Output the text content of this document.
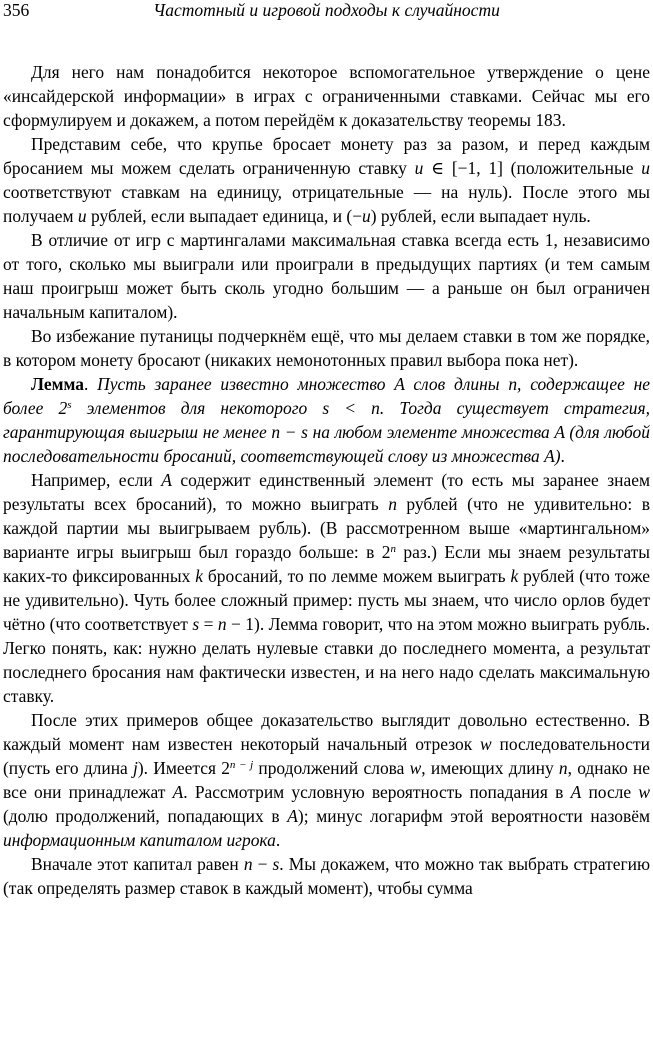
356	Частотный и игровой подходы к случайности

Для него нам понадобится некоторое вспомогательное утверждение о цене «инсайдерской информации» в играх с ограниченными ставками. Сейчас мы его сформулируем и докажем, а потом перейдём к доказательству теоремы 183.

Представим себе, что крупье бросает монету раз за разом, и перед каждым бросанием мы можем сделать ограниченную ставку u ∈ [−1, 1] (положительные u соответствуют ставкам на единицу, отрицательные — на нуль). После этого мы получаем u рублей, если выпадает единица, и (−u) рублей, если выпадает нуль.

В отличие от игр с мартингалами максимальная ставка всегда есть 1, независимо от того, сколько мы выиграли или проиграли в предыдущих партиях (и тем самым наш проигрыш может быть сколь угодно большим — а раньше он был ограничен начальным капиталом).

Во избежание путаницы подчеркнём ещё, что мы делаем ставки в том же порядке, в котором монету бросают (никаких немонотонных правил выбора пока нет).

Лемма. Пусть заранее известно множество A слов длины n, содержащее не более 2$^s$ элементов для некоторого s < n. Тогда существует стратегия, гарантирующая выигрыш не менее n − s на любом элементе множества A (для любой последовательности бросаний, соответствующей слову из множества A).

Например, если A содержит единственный элемент (то есть мы заранее знаем результаты всех бросаний), то можно выиграть n рублей (что не удивительно: в каждой партии мы выигрываем рубль). (В рассмотренном выше «мартингальном» варианте игры выигрыш был гораздо больше: в 2$^n$ раз.) Если мы знаем результаты каких-то фиксированных k бросаний, то по лемме можем выиграть k рублей (что тоже не удивительно). Чуть более сложный пример: пусть мы знаем, что число орлов будет чётно (что соответствует s = n − 1). Лемма говорит, что на этом можно выиграть рубль. Легко понять, как: нужно делать нулевые ставки до последнего момента, а результат последнего бросания нам фактически известен, и на него надо сделать максимальную ставку.

После этих примеров общее доказательство выглядит довольно естественно. В каждый момент нам известен некоторый начальный отрезок w последовательности (пусть его длина j). Имеется $2^{n - j}$ продолжений слова w, имеющих длину n, однако не все они принадлежат A. Рассмотрим условную вероятность попадания в A после w (долю продолжений, попадающих в A); минус логарифм этой вероятности назовём информационным капиталом игрока.

Вначале этот капитал равен n − s. Мы докажем, что можно так выбрать стратегию (так определять размер ставок в каждый момент), чтобы сумма
